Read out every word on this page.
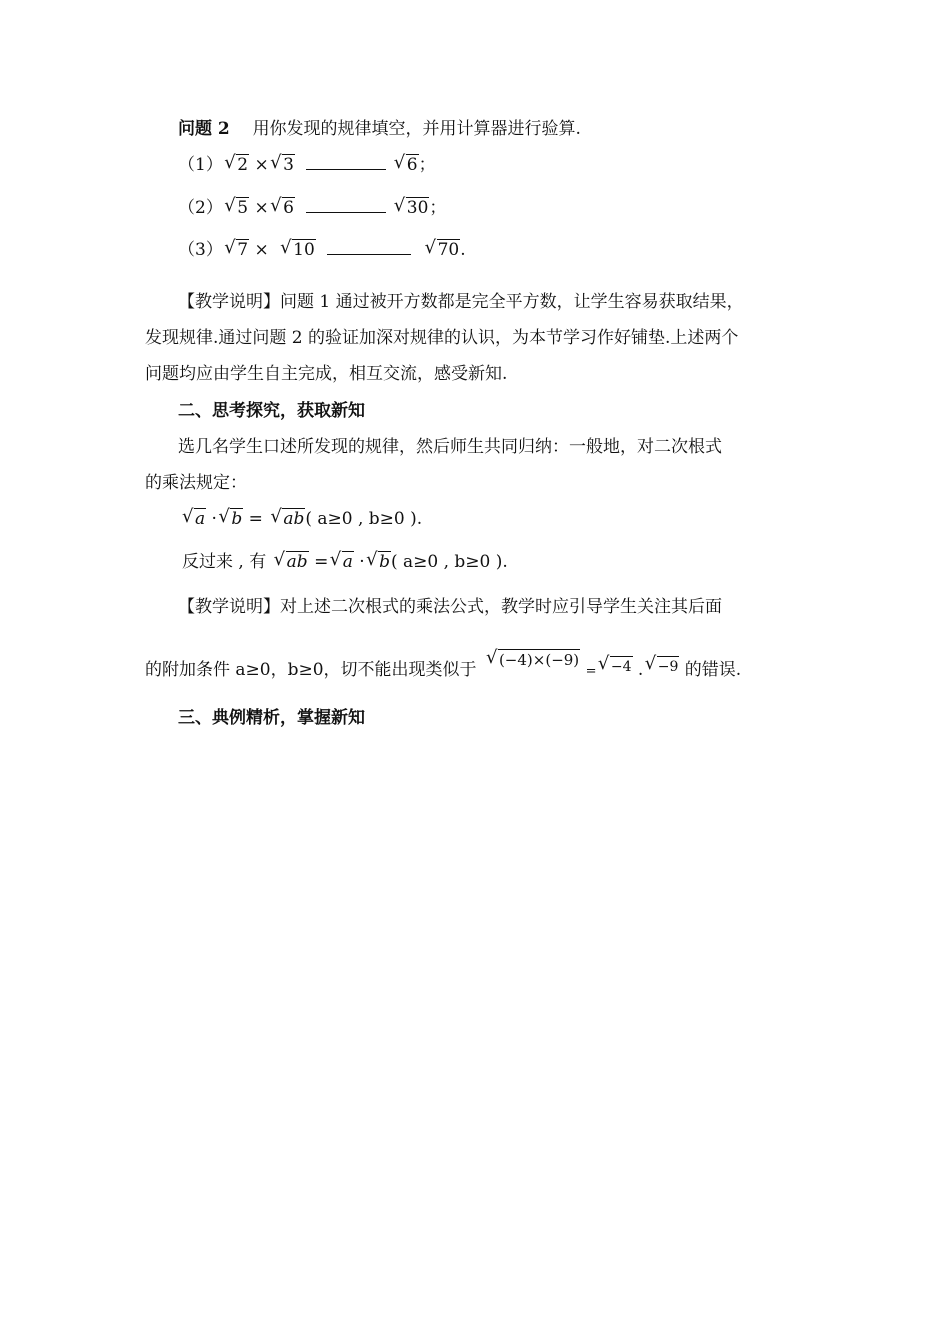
问题 2 用你发现的规律填空，并用计算器进行验算.
（1） √ 2 × √ 3	√ 6；
（2） √ 5 × √ 6	√ 30；
（3） √ 7 × √ 10	√ 70.
【教学说明】问题 1 通过被开方数都是完全平方数，让学生容易获取结果，
发现规律.通过问题 2 的验证加深对规律的认识，为本节学习作好铺垫.上述两个
问题均应由学生自主完成，相互交流，感受新知.
二、思考探究，获取新知
选几名学生口述所发现的规律，然后师生共同归纳：一般地，对二次根式
的乘法规定：
√ a · √ b = √ ab( a≥0 , b≥0 ).
反过来 , 有 √ ab = √ a · √ b( a≥0 , b≥0 ).
【教学说明】对上述二次根式的乘法公式，教学时应引导学生关注其后面
的附加条件 a≥0，b≥0，切不能出现类似于 √ (−4)×(−9) = √ −4 . √ −9 的错误.
三、典例精析，掌握新知
